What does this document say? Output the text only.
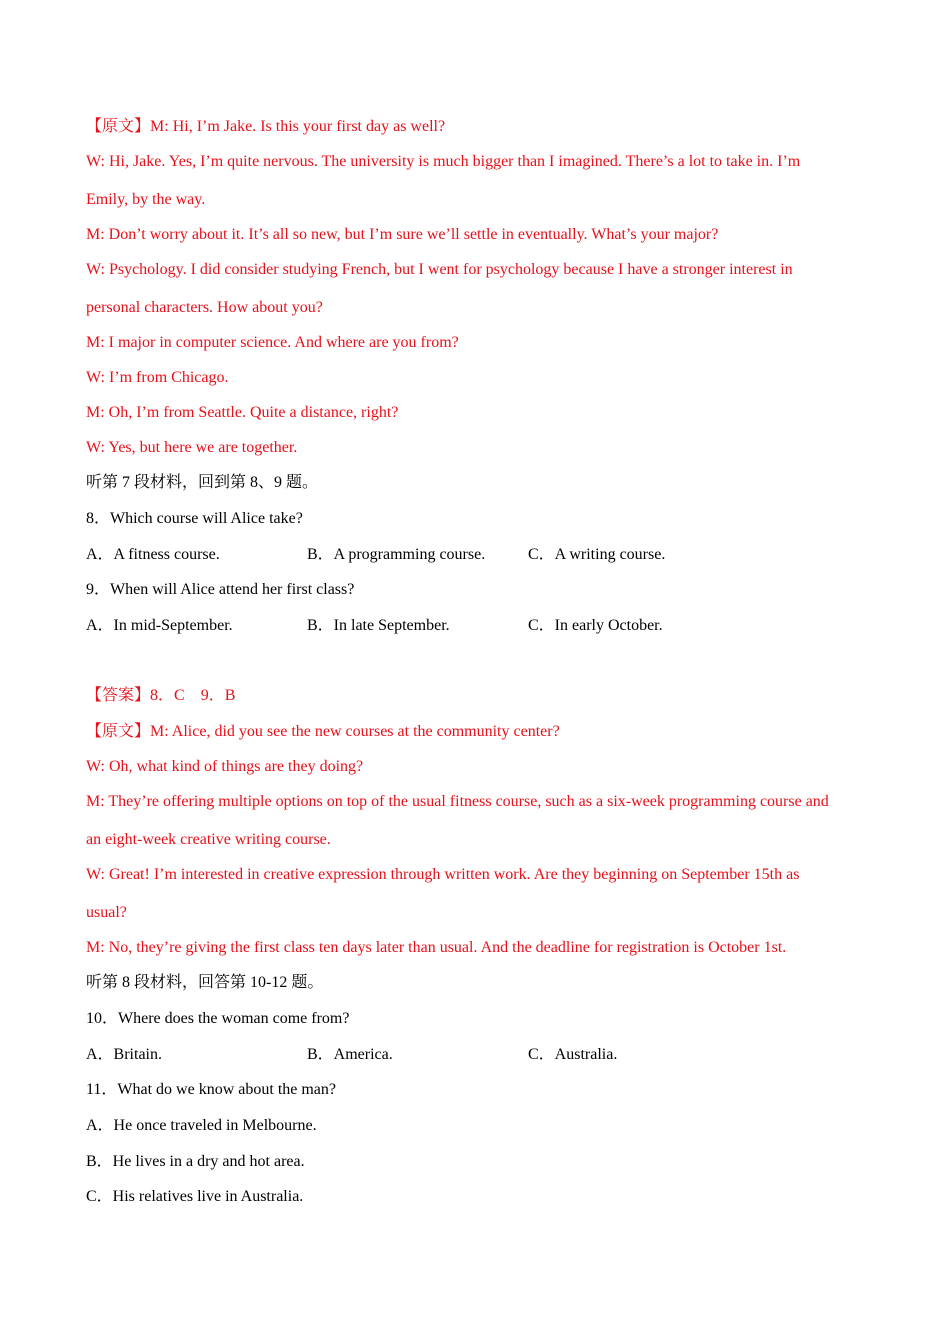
【原文】M: Hi, I’m Jake. Is this your first day as well?
W: Hi, Jake. Yes, I’m quite nervous. The university is much bigger than I imagined. There’s a lot to take in. I’m
Emily, by the way.
M: Don’t worry about it. It’s all so new, but I’m sure we’ll settle in eventually. What’s your major?
W: Psychology. I did consider studying French, but I went for psychology because I have a stronger interest in
personal characters. How about you?
M: I major in computer science. And where are you from?
W: I’m from Chicago.
M: Oh, I’m from Seattle. Quite a distance, right?
W: Yes, but here we are together.
听第 7 段材料，回到第 8、9 题。
8．Which course will Alice take?
A．A fitness course.	B．A programming course.	C．A writing course.
9．When will Alice attend her first class?
A．In mid-September.	B．In late September.	C．In early October.
【答案】8．C　9．B
【原文】M: Alice, did you see the new courses at the community center?
W: Oh, what kind of things are they doing?
M: They’re offering multiple options on top of the usual fitness course, such as a six-week programming course and
an eight-week creative writing course.
W: Great! I’m interested in creative expression through written work. Are they beginning on September 15th as
usual?
M: No, they’re giving the first class ten days later than usual. And the deadline for registration is October 1st.
听第 8 段材料，回答第 10-12 题。
10．Where does the woman come from?
A．Britain.	B．America.	C．Australia.
11．What do we know about the man?
A．He once traveled in Melbourne.
B．He lives in a dry and hot area.
C．His relatives live in Australia.
